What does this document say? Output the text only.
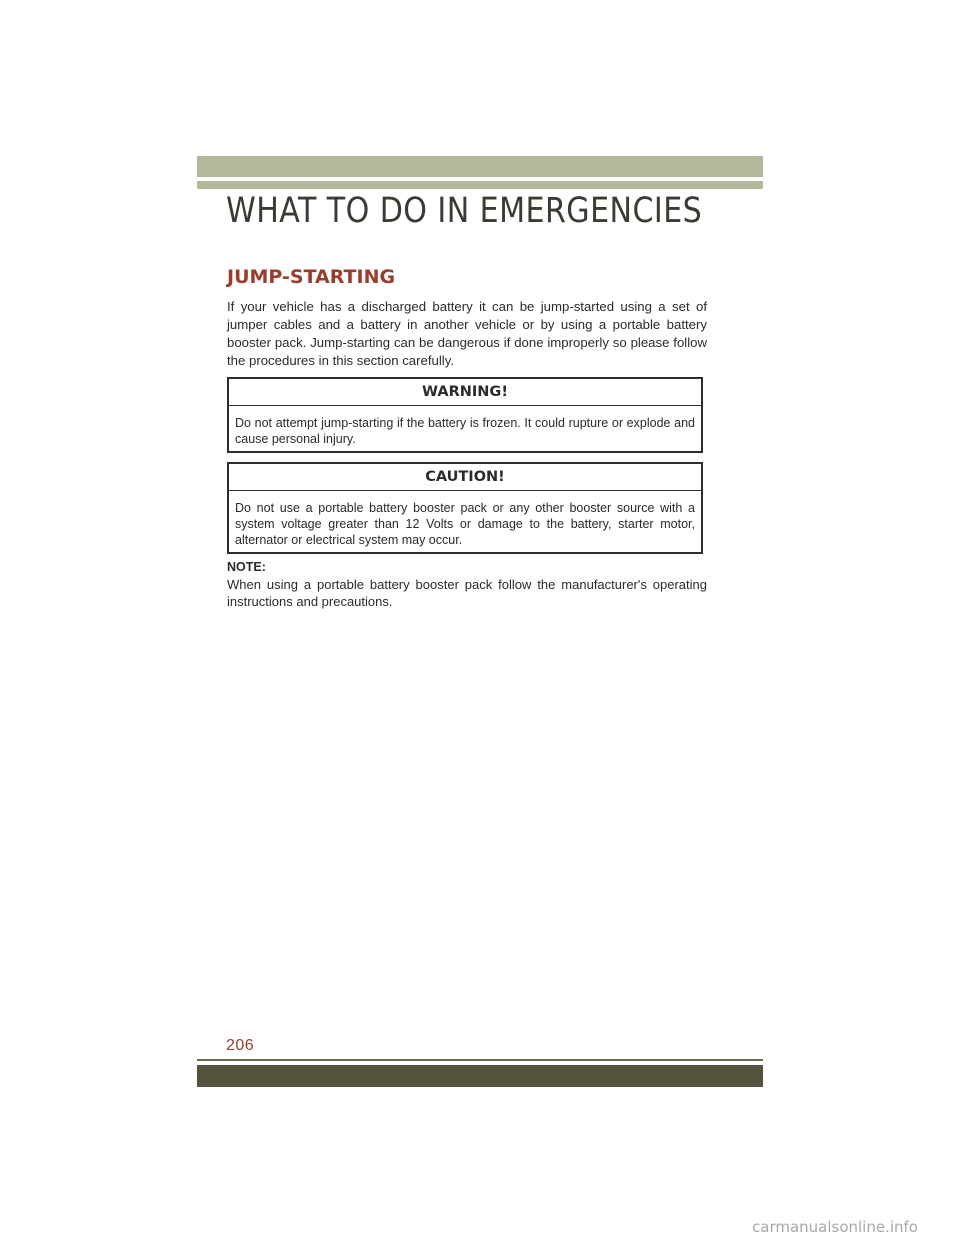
WHAT TO DO IN EMERGENCIES
JUMP-STARTING
If your vehicle has a discharged battery it can be jump-started using a set of jumper cables and a battery in another vehicle or by using a portable battery booster pack. Jump-starting can be dangerous if done improperly so please follow the procedures in this section carefully.
WARNING!
Do not attempt jump-starting if the battery is frozen. It could rupture or explode and cause personal injury.
CAUTION!
Do not use a portable battery booster pack or any other booster source with a system voltage greater than 12 Volts or damage to the battery, starter motor, alternator or electrical system may occur.
NOTE:
When using a portable battery booster pack follow the manufacturer's operating instructions and precautions.
206
carmanualsonline.info
